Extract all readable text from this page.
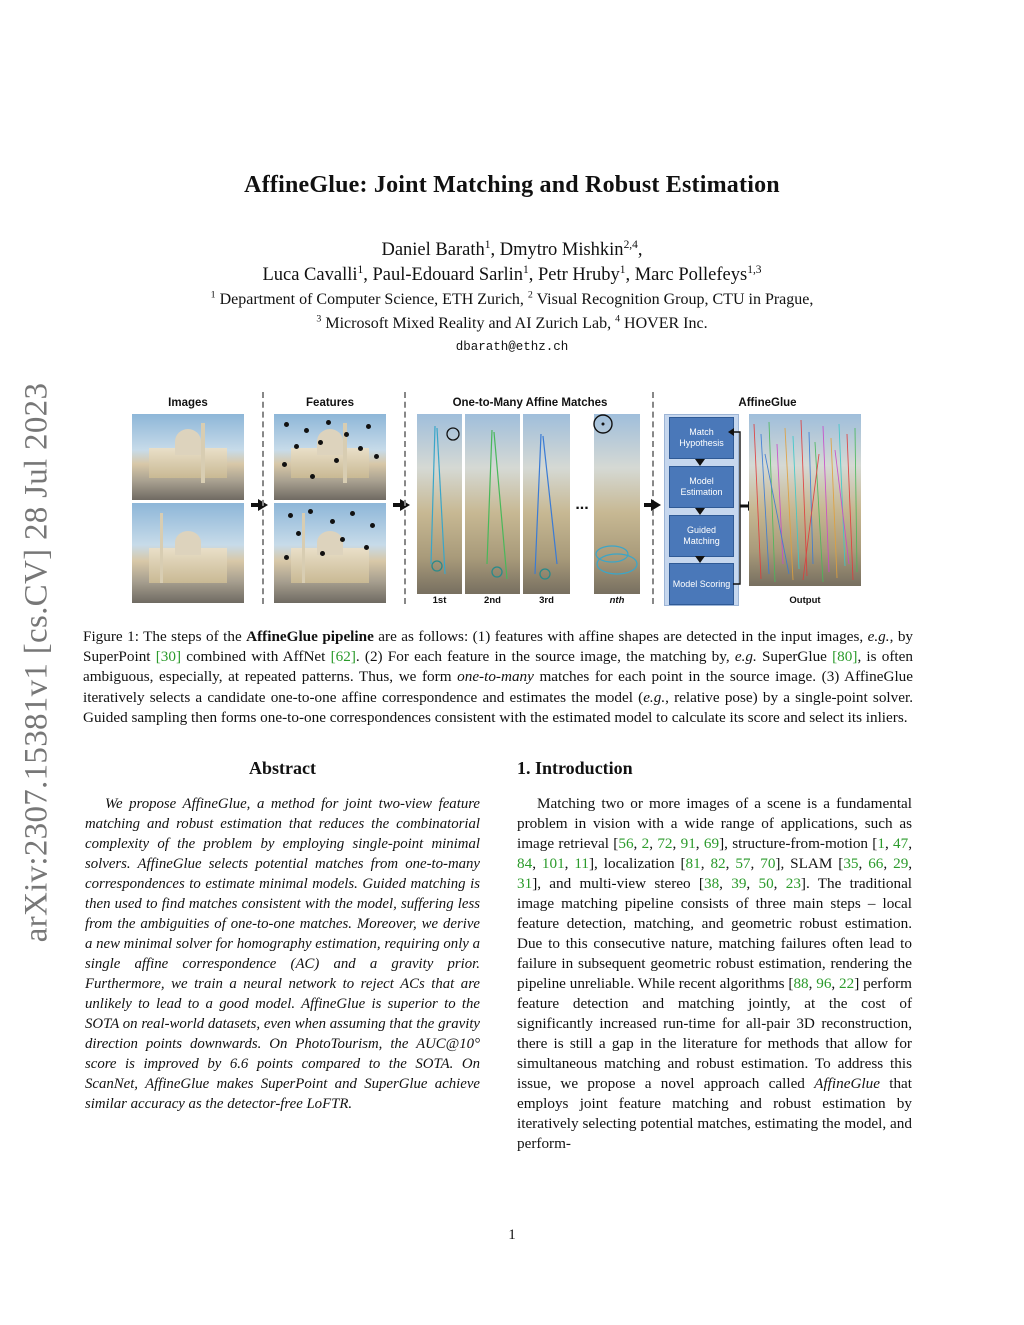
arXiv:2307.15381v1 [cs.CV] 28 Jul 2023
AffineGlue: Joint Matching and Robust Estimation
Daniel Barath$^1$, Dmytro Mishkin$^{2,4}$,
Luca Cavalli$^1$, Paul-Edouard Sarlin$^1$, Petr Hruby$^1$, Marc Pollefeys$^{1,3}$
$^1$ Department of Computer Science, ETH Zurich, $^2$ Visual Recognition Group, CTU in Prague,
$^3$ Microsoft Mixed Reality and AI Zurich Lab, $^4$ HOVER Inc.
dbarath@ethz.ch
Images	Features	One-to-Many Affine Matches	AffineGlue
...
1st	2nd	3rd	nth
Match Hypothesis
Model Estimation
Guided Matching
Model Scoring
Output
Figure 1: The steps of the AffineGlue pipeline are as follows: (1) features with affine shapes are detected in the input images, e.g., by SuperPoint [30] combined with AffNet [62]. (2) For each feature in the source image, the matching by, e.g. SuperGlue [80], is often ambiguous, especially, at repeated patterns. Thus, we form one-to-many matches for each point in the source image. (3) AffineGlue iteratively selects a candidate one-to-one affine correspondence and estimates the model (e.g., relative pose) by a single-point solver. Guided sampling then forms one-to-one correspondences consistent with the estimated model to calculate its score and select its inliers.
Abstract
We propose AffineGlue, a method for joint two-view feature matching and robust estimation that reduces the combinatorial complexity of the problem by employing single-point minimal solvers. AffineGlue selects potential matches from one-to-many correspondences to estimate minimal models. Guided matching is then used to find matches consistent with the model, suffering less from the ambiguities of one-to-one matches. Moreover, we derive a new minimal solver for homography estimation, requiring only a single affine correspondence (AC) and a gravity prior. Furthermore, we train a neural network to reject ACs that are unlikely to lead to a good model. AffineGlue is superior to the SOTA on real-world datasets, even when assuming that the gravity direction points downwards. On PhotoTourism, the AUC@10° score is improved by 6.6 points compared to the SOTA. On ScanNet, AffineGlue makes SuperPoint and SuperGlue achieve similar accuracy as the detector-free LoFTR.
1. Introduction
Matching two or more images of a scene is a fundamental problem in vision with a wide range of applications, such as image retrieval [56, 2, 72, 91, 69], structure-from-motion [1, 47, 84, 101, 11], localization [81, 82, 57, 70], SLAM [35, 66, 29, 31], and multi-view stereo [38, 39, 50, 23]. The traditional image matching pipeline consists of three main steps – local feature detection, matching, and geometric robust estimation. Due to this consecutive nature, matching failures often lead to failure in subsequent geometric robust estimation, rendering the pipeline unreliable. While recent algorithms [88, 96, 22] perform feature detection and matching jointly, at the cost of significantly increased run-time for all-pair 3D reconstruction, there is still a gap in the literature for methods that allow for simultaneous matching and robust estimation. To address this issue, we propose a novel approach called AffineGlue that employs joint feature matching and robust estimation by iteratively selecting potential matches, estimating the model, and perform-
1
